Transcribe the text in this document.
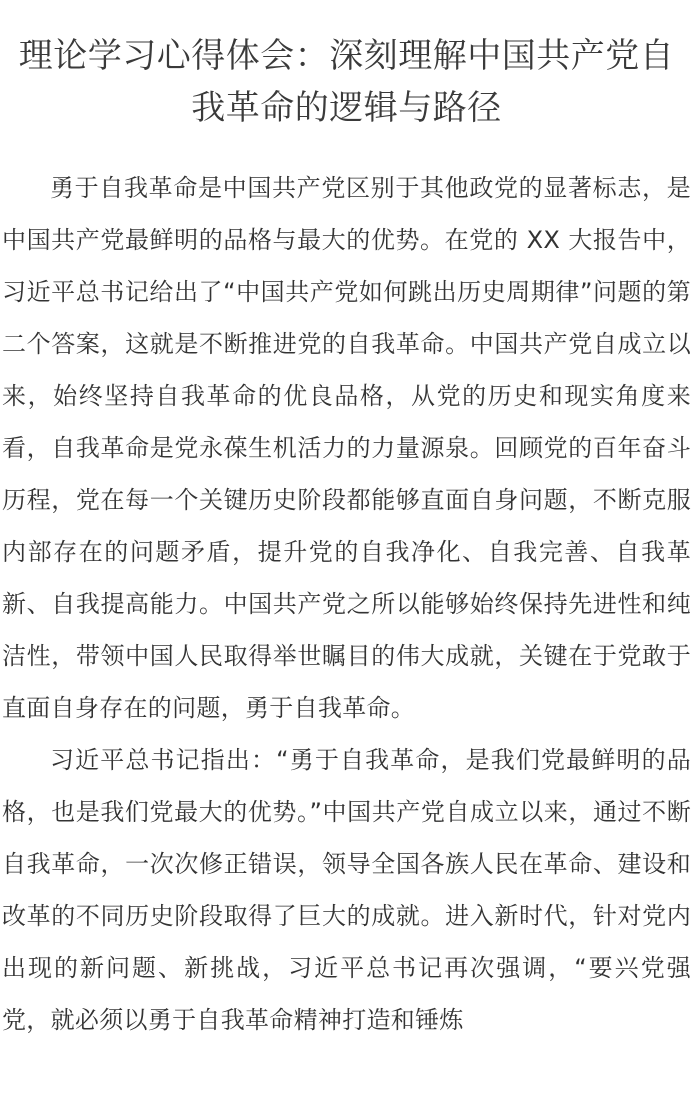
理论学习心得体会：深刻理解中国共产党自我革命的逻辑与路径

勇于自我革命是中国共产党区别于其他政党的显著标志，是中国共产党最鲜明的品格与最大的优势。在党的 XX 大报告中，习近平总书记给出了“中国共产党如何跳出历史周期律”问题的第二个答案，这就是不断推进党的自我革命。中国共产党自成立以来，始终坚持自我革命的优良品格，从党的历史和现实角度来看，自我革命是党永葆生机活力的力量源泉。回顾党的百年奋斗历程，党在每一个关键历史阶段都能够直面自身问题，不断克服内部存在的问题矛盾，提升党的自我净化、自我完善、自我革新、自我提高能力。中国共产党之所以能够始终保持先进性和纯洁性，带领中国人民取得举世瞩目的伟大成就，关键在于党敢于直面自身存在的问题，勇于自我革命。

习近平总书记指出：“勇于自我革命，是我们党最鲜明的品格，也是我们党最大的优势。”中国共产党自成立以来，通过不断自我革命，一次次修正错误，领导全国各族人民在革命、建设和改革的不同历史阶段取得了巨大的成就。进入新时代，针对党内出现的新问题、新挑战，习近平总书记再次强调，“要兴党强党，就必须以勇于自我革命精神打造和锤炼
